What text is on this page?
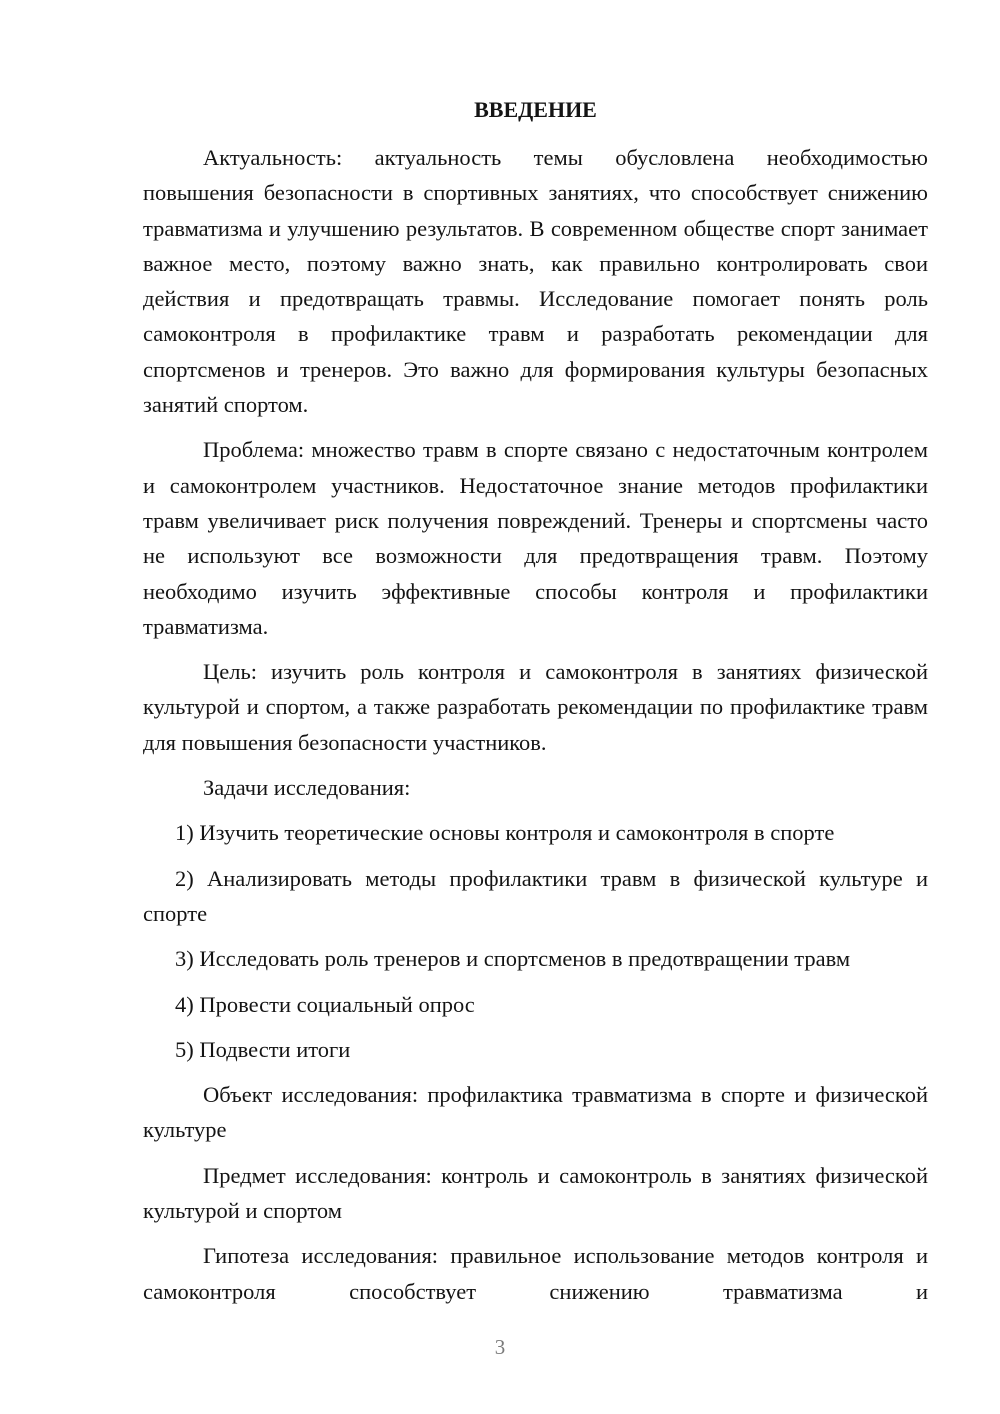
ВВЕДЕНИЕ

Актуальность: актуальность темы обусловлена необходимостью повышения безопасности в спортивных занятиях, что способствует снижению травматизма и улучшению результатов. В современном обществе спорт занимает важное место, поэтому важно знать, как правильно контролировать свои действия и предотвращать травмы. Исследование помогает понять роль самоконтроля в профилактике травм и разработать рекомендации для спортсменов и тренеров. Это важно для формирования культуры безопасных занятий спортом.

Проблема: множество травм в спорте связано с недостаточным контролем и самоконтролем участников. Недостаточное знание методов профилактики травм увеличивает риск получения повреждений. Тренеры и спортсмены часто не используют все возможности для предотвращения травм. Поэтому необходимо изучить эффективные способы контроля и профилактики травматизма.

Цель: изучить роль контроля и самоконтроля в занятиях физической культурой и спортом, а также разработать рекомендации по профилактике травм для повышения безопасности участников.

Задачи исследования:

1) Изучить теоретические основы контроля и самоконтроля в спорте

2) Анализировать методы профилактики травм в физической культуре и спорте

3) Исследовать роль тренеров и спортсменов в предотвращении травм

4) Провести социальный опрос

5) Подвести итоги

Объект исследования: профилактика травматизма в спорте и физической культуре

Предмет исследования: контроль и самоконтроль в занятиях физической культурой и спортом

Гипотеза исследования: правильное использование методов контроля и самоконтроля способствует снижению травматизма и

3
